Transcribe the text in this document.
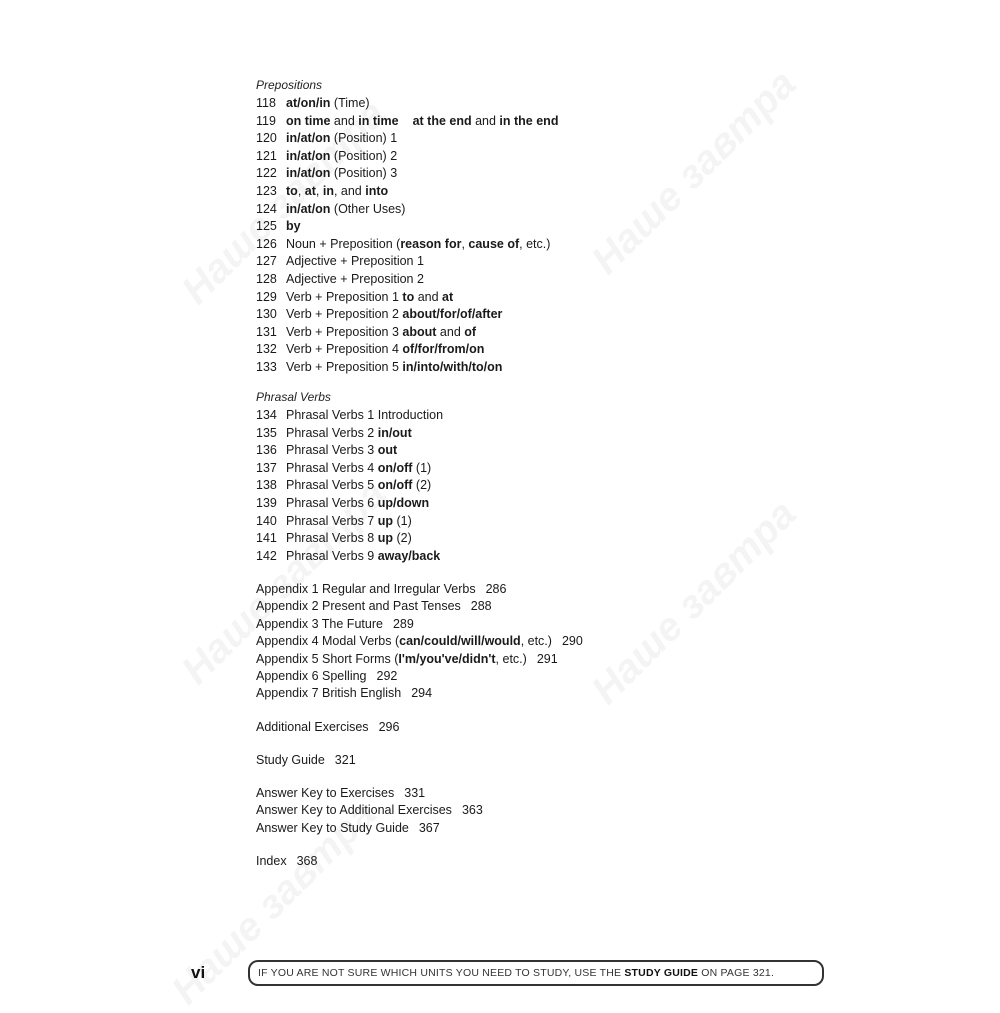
Prepositions
118 at/on/in (Time)
119 on time and in time at the end and in the end
120 in/at/on (Position) 1
121 in/at/on (Position) 2
122 in/at/on (Position) 3
123 to, at, in, and into
124 in/at/on (Other Uses)
125 by
126 Noun + Preposition (reason for, cause of, etc.)
127 Adjective + Preposition 1
128 Adjective + Preposition 2
129 Verb + Preposition 1 to and at
130 Verb + Preposition 2 about/for/of/after
131 Verb + Preposition 3 about and of
132 Verb + Preposition 4 of/for/from/on
133 Verb + Preposition 5 in/into/with/to/on
Phrasal Verbs
134 Phrasal Verbs 1 Introduction
135 Phrasal Verbs 2 in/out
136 Phrasal Verbs 3 out
137 Phrasal Verbs 4 on/off (1)
138 Phrasal Verbs 5 on/off (2)
139 Phrasal Verbs 6 up/down
140 Phrasal Verbs 7 up (1)
141 Phrasal Verbs 8 up (2)
142 Phrasal Verbs 9 away/back
Appendix 1 Regular and Irregular Verbs 286
Appendix 2 Present and Past Tenses 288
Appendix 3 The Future 289
Appendix 4 Modal Verbs (can/could/will/would, etc.) 290
Appendix 5 Short Forms (I'm/you've/didn't, etc.) 291
Appendix 6 Spelling 292
Appendix 7 British English 294
Additional Exercises 296
Study Guide 321
Answer Key to Exercises 331
Answer Key to Additional Exercises 363
Answer Key to Study Guide 367
Index 368
vi	IF YOU ARE NOT SURE WHICH UNITS YOU NEED TO STUDY, USE THE STUDY GUIDE ON PAGE 321.
